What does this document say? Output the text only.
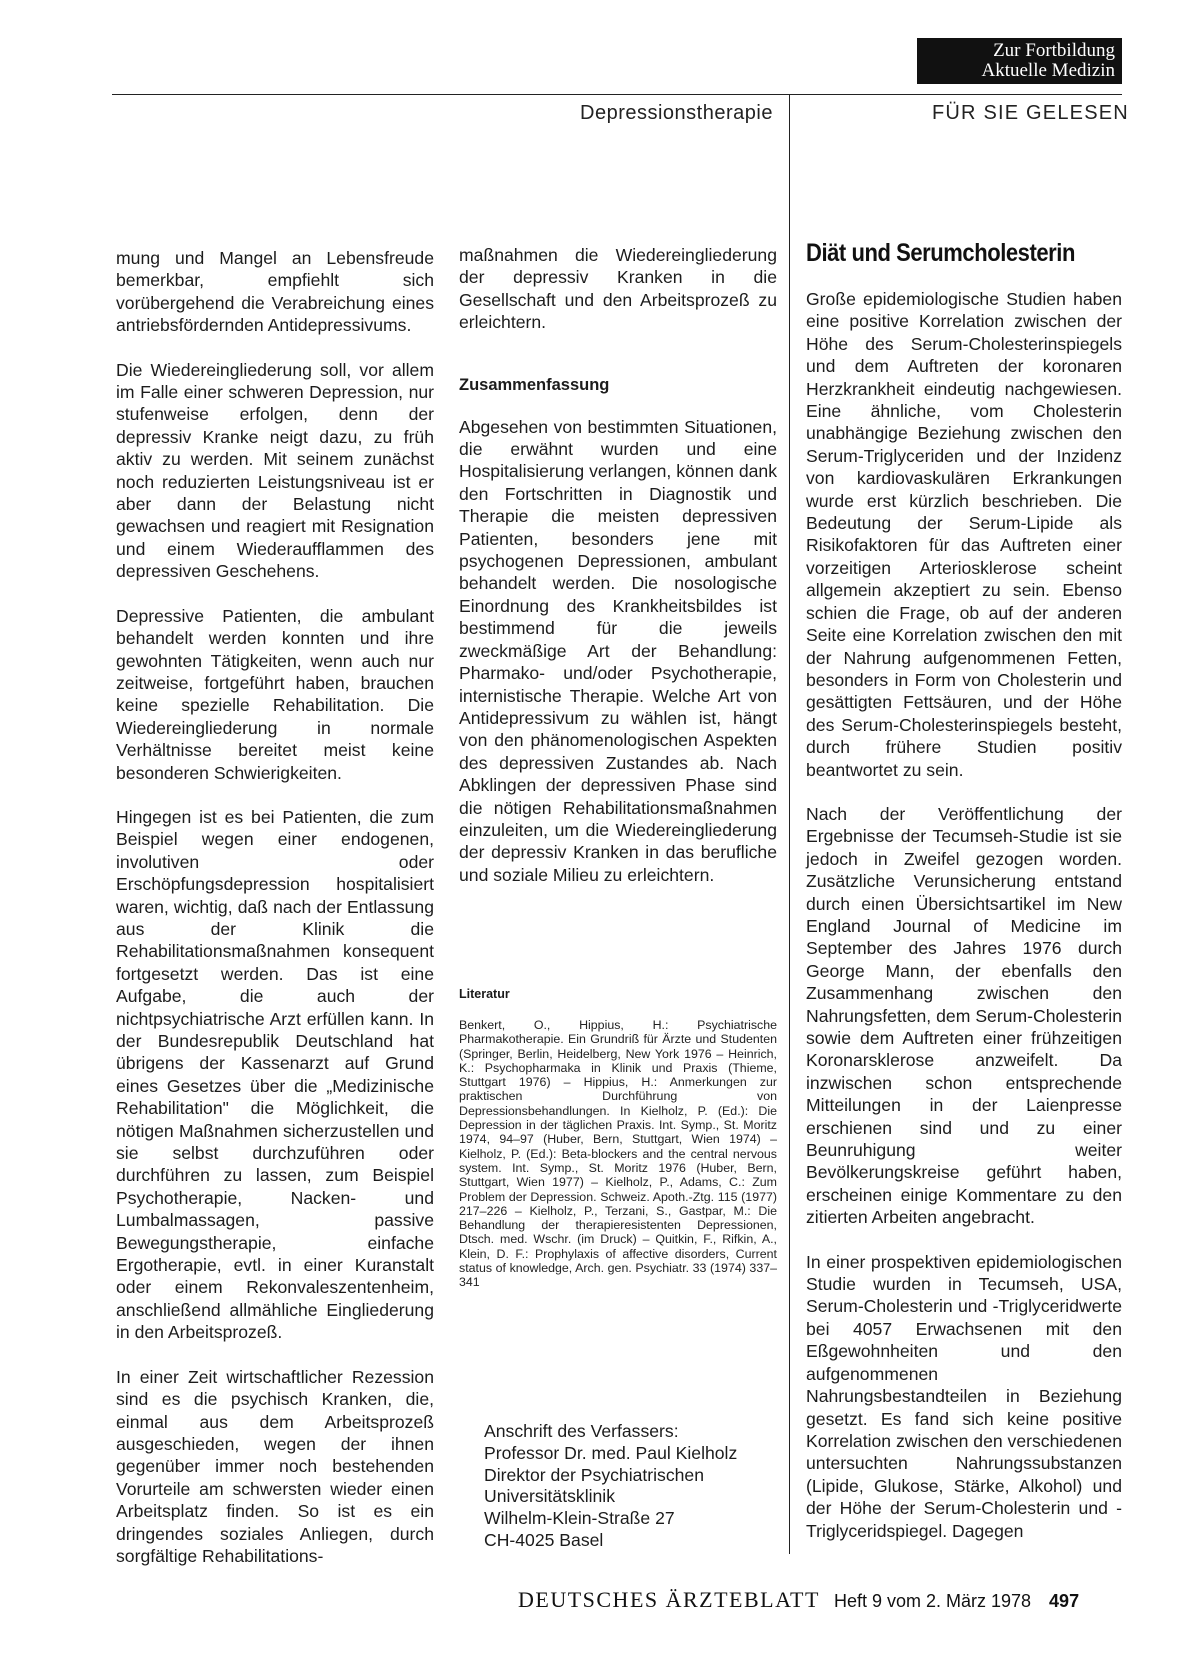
Zur Fortbildung
Aktuelle Medizin
Depressionstherapie	FÜR SIE GELESEN

mung und Mangel an Lebensfreude bemerkbar, empfiehlt sich vorübergehend die Verabreichung eines antriebsfördernden Antidepressivums.

Die Wiedereingliederung soll, vor allem im Falle einer schweren Depression, nur stufenweise erfolgen, denn der depressiv Kranke neigt dazu, zu früh aktiv zu werden. Mit seinem zunächst noch reduzierten Leistungsniveau ist er aber dann der Belastung nicht gewachsen und reagiert mit Resignation und einem Wiederaufflammen des depressiven Geschehens.

Depressive Patienten, die ambulant behandelt werden konnten und ihre gewohnten Tätigkeiten, wenn auch nur zeitweise, fortgeführt haben, brauchen keine spezielle Rehabilitation. Die Wiedereingliederung in normale Verhältnisse bereitet meist keine besonderen Schwierigkeiten.

Hingegen ist es bei Patienten, die zum Beispiel wegen einer endogenen, involutiven oder Erschöpfungsdepression hospitalisiert waren, wichtig, daß nach der Entlassung aus der Klinik die Rehabilitationsmaßnahmen konsequent fortgesetzt werden. Das ist eine Aufgabe, die auch der nichtpsychiatrische Arzt erfüllen kann. In der Bundesrepublik Deutschland hat übrigens der Kassenarzt auf Grund eines Gesetzes über die „Medizinische Rehabilitation" die Möglichkeit, die nötigen Maßnahmen sicherzustellen und sie selbst durchzuführen oder durchführen zu lassen, zum Beispiel Psychotherapie, Nacken- und Lumbalmassagen, passive Bewegungstherapie, einfache Ergotherapie, evtl. in einer Kuranstalt oder einem Rekonvaleszentenheim, anschließend allmähliche Eingliederung in den Arbeitsprozeß.

In einer Zeit wirtschaftlicher Rezession sind es die psychisch Kranken, die, einmal aus dem Arbeitsprozeß ausgeschieden, wegen der ihnen gegenüber immer noch bestehenden Vorurteile am schwersten wieder einen Arbeitsplatz finden. So ist es ein dringendes soziales Anliegen, durch sorgfältige Rehabilitations-

maßnahmen die Wiedereingliederung der depressiv Kranken in die Gesellschaft und den Arbeitsprozeß zu erleichtern.

Zusammenfassung

Abgesehen von bestimmten Situationen, die erwähnt wurden und eine Hospitalisierung verlangen, können dank den Fortschritten in Diagnostik und Therapie die meisten depressiven Patienten, besonders jene mit psychogenen Depressionen, ambulant behandelt werden. Die nosologische Einordnung des Krankheitsbildes ist bestimmend für die jeweils zweckmäßige Art der Behandlung: Pharmako- und/oder Psychotherapie, internistische Therapie. Welche Art von Antidepressivum zu wählen ist, hängt von den phänomenologischen Aspekten des depressiven Zustandes ab. Nach Abklingen der depressiven Phase sind die nötigen Rehabilitationsmaßnahmen einzuleiten, um die Wiedereingliederung der depressiv Kranken in das berufliche und soziale Milieu zu erleichtern.

Literatur
Benkert, O., Hippius, H.: Psychiatrische Pharmakotherapie. Ein Grundriß für Ärzte und Studenten (Springer, Berlin, Heidelberg, New York 1976 – Heinrich, K.: Psychopharmaka in Klinik und Praxis (Thieme, Stuttgart 1976) – Hippius, H.: Anmerkungen zur praktischen Durchführung von Depressionsbehandlungen. In Kielholz, P. (Ed.): Die Depression in der täglichen Praxis. Int. Symp., St. Moritz 1974, 94–97 (Huber, Bern, Stuttgart, Wien 1974) – Kielholz, P. (Ed.): Beta-blockers and the central nervous system. Int. Symp., St. Moritz 1976 (Huber, Bern, Stuttgart, Wien 1977) – Kielholz, P., Adams, C.: Zum Problem der Depression. Schweiz. Apoth.-Ztg. 115 (1977) 217–226 – Kielholz, P., Terzani, S., Gastpar, M.: Die Behandlung der therapieresistenten Depressionen, Dtsch. med. Wschr. (im Druck) – Quitkin, F., Rifkin, A., Klein, D. F.: Prophylaxis of affective disorders, Current status of knowledge, Arch. gen. Psychiatr. 33 (1974) 337–341
Anschrift des Verfassers:
Professor Dr. med. Paul Kielholz
Direktor der Psychiatrischen
Universitätsklinik
Wilhelm-Klein-Straße 27
CH-4025 Basel
Diät und Serumcholesterin

Große epidemiologische Studien haben eine positive Korrelation zwischen der Höhe des Serum-Cholesterinspiegels und dem Auftreten der koronaren Herzkrankheit eindeutig nachgewiesen. Eine ähnliche, vom Cholesterin unabhängige Beziehung zwischen den Serum-Triglyceriden und der Inzidenz von kardiovaskulären Erkrankungen wurde erst kürzlich beschrieben. Die Bedeutung der Serum-Lipide als Risikofaktoren für das Auftreten einer vorzeitigen Arteriosklerose scheint allgemein akzeptiert zu sein. Ebenso schien die Frage, ob auf der anderen Seite eine Korrelation zwischen den mit der Nahrung aufgenommenen Fetten, besonders in Form von Cholesterin und gesättigten Fettsäuren, und der Höhe des Serum-Cholesterinspiegels besteht, durch frühere Studien positiv beantwortet zu sein.

Nach der Veröffentlichung der Ergebnisse der Tecumseh-Studie ist sie jedoch in Zweifel gezogen worden. Zusätzliche Verunsicherung entstand durch einen Übersichtsartikel im New England Journal of Medicine im September des Jahres 1976 durch George Mann, der ebenfalls den Zusammenhang zwischen den Nahrungsfetten, dem Serum-Cholesterin sowie dem Auftreten einer frühzeitigen Koronarsklerose anzweifelt. Da inzwischen schon entsprechende Mitteilungen in der Laienpresse erschienen sind und zu einer Beunruhigung weiter Bevölkerungskreise geführt haben, erscheinen einige Kommentare zu den zitierten Arbeiten angebracht.

In einer prospektiven epidemiologischen Studie wurden in Tecumseh, USA, Serum-Cholesterin und -Triglyceridwerte bei 4057 Erwachsenen mit den Eßgewohnheiten und den aufgenommenen Nahrungsbestandteilen in Beziehung gesetzt. Es fand sich keine positive Korrelation zwischen den verschiedenen untersuchten Nahrungssubstanzen (Lipide, Glukose, Stärke, Alkohol) und der Höhe der Serum-Cholesterin und -Triglyceridspiegel. Dagegen

DEUTSCHES ÄRZTEBLATT Heft 9 vom 2. März 1978 497
